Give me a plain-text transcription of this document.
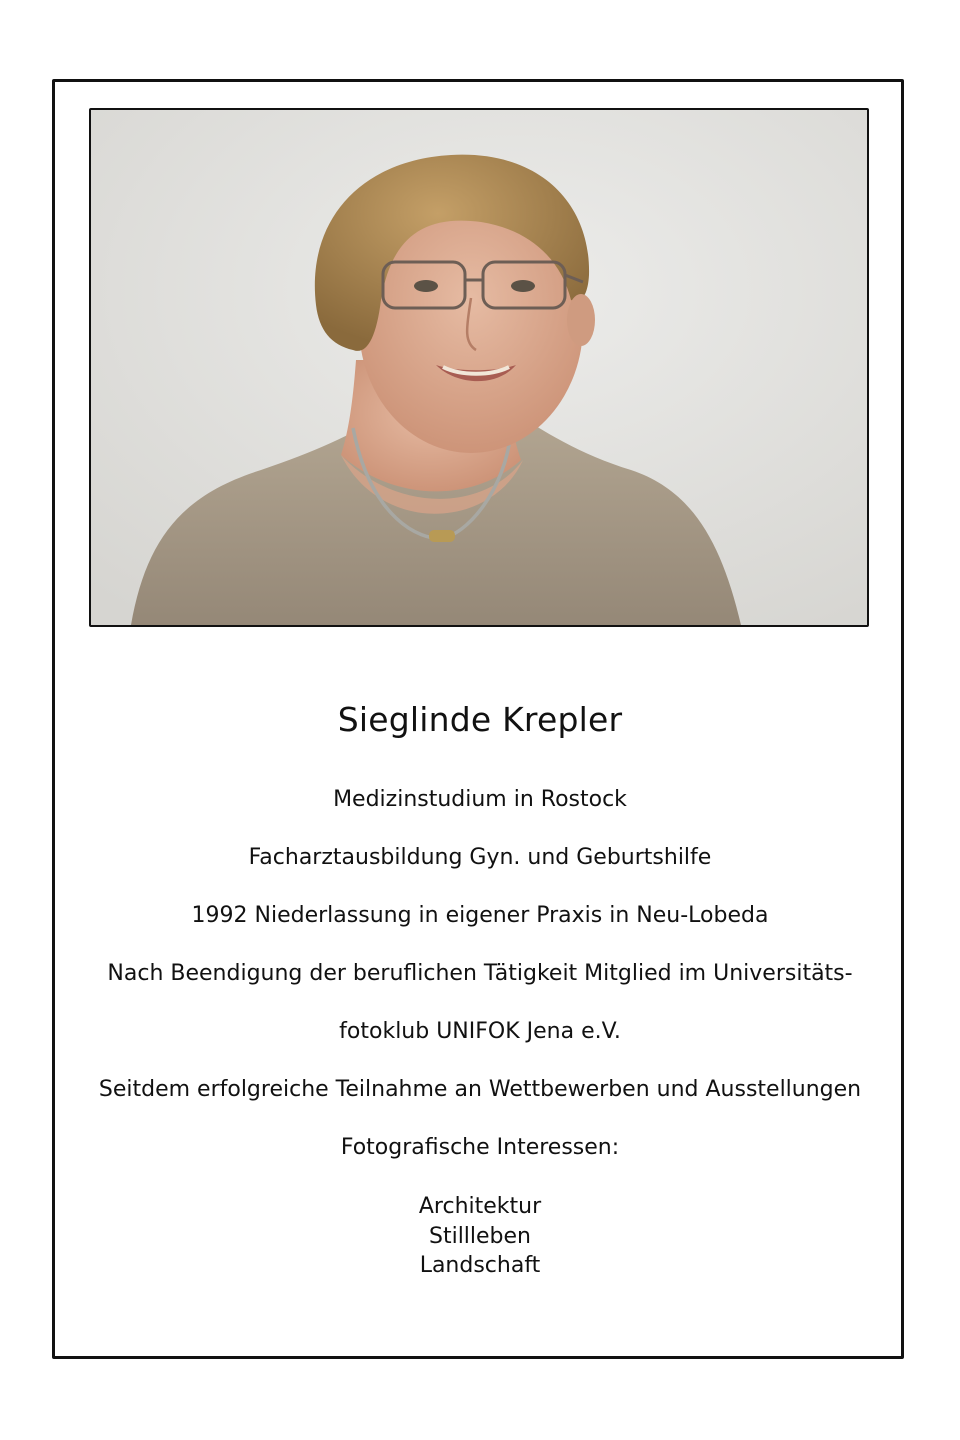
Sieglinde Krepler
Medizinstudium in Rostock
Facharztausbildung Gyn. und Geburtshilfe
1992 Niederlassung in eigener Praxis in Neu-Lobeda
Nach Beendigung der beruflichen Tätigkeit Mitglied im Universitäts-
fotoklub UNIFOK Jena e.V.
Seitdem erfolgreiche Teilnahme an Wettbewerben und Ausstellungen
Fotografische Interessen:
Architektur
Stillleben
Landschaft
